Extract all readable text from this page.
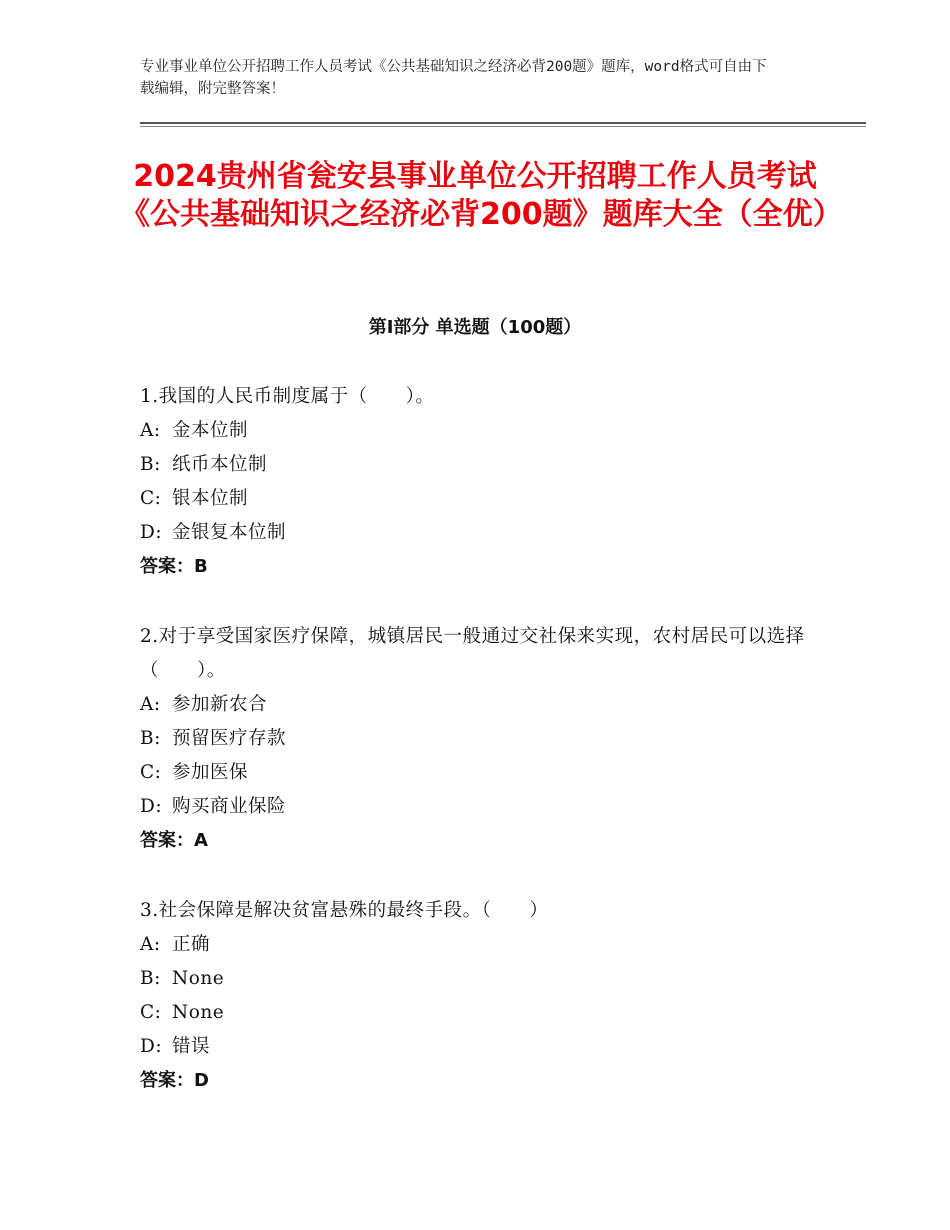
专业事业单位公开招聘工作人员考试《公共基础知识之经济必背200题》题库，word格式可自由下载编辑，附完整答案！
2024贵州省瓮安县事业单位公开招聘工作人员考试《公共基础知识之经济必背200题》题库大全（全优）
第Ⅰ部分 单选题（100题）

1.我国的人民币制度属于（　　）。

A: 金本位制

B: 纸币本位制

C: 银本位制

D: 金银复本位制

答案：B

2.对于享受国家医疗保障，城镇居民一般通过交社保来实现，农村居民可以选择（　　）。

A: 参加新农合

B: 预留医疗存款

C: 参加医保

D: 购买商业保险

答案：A

3.社会保障是解决贫富悬殊的最终手段。（　　）

A: 正确

B: None

C: None

D: 错误

答案：D
